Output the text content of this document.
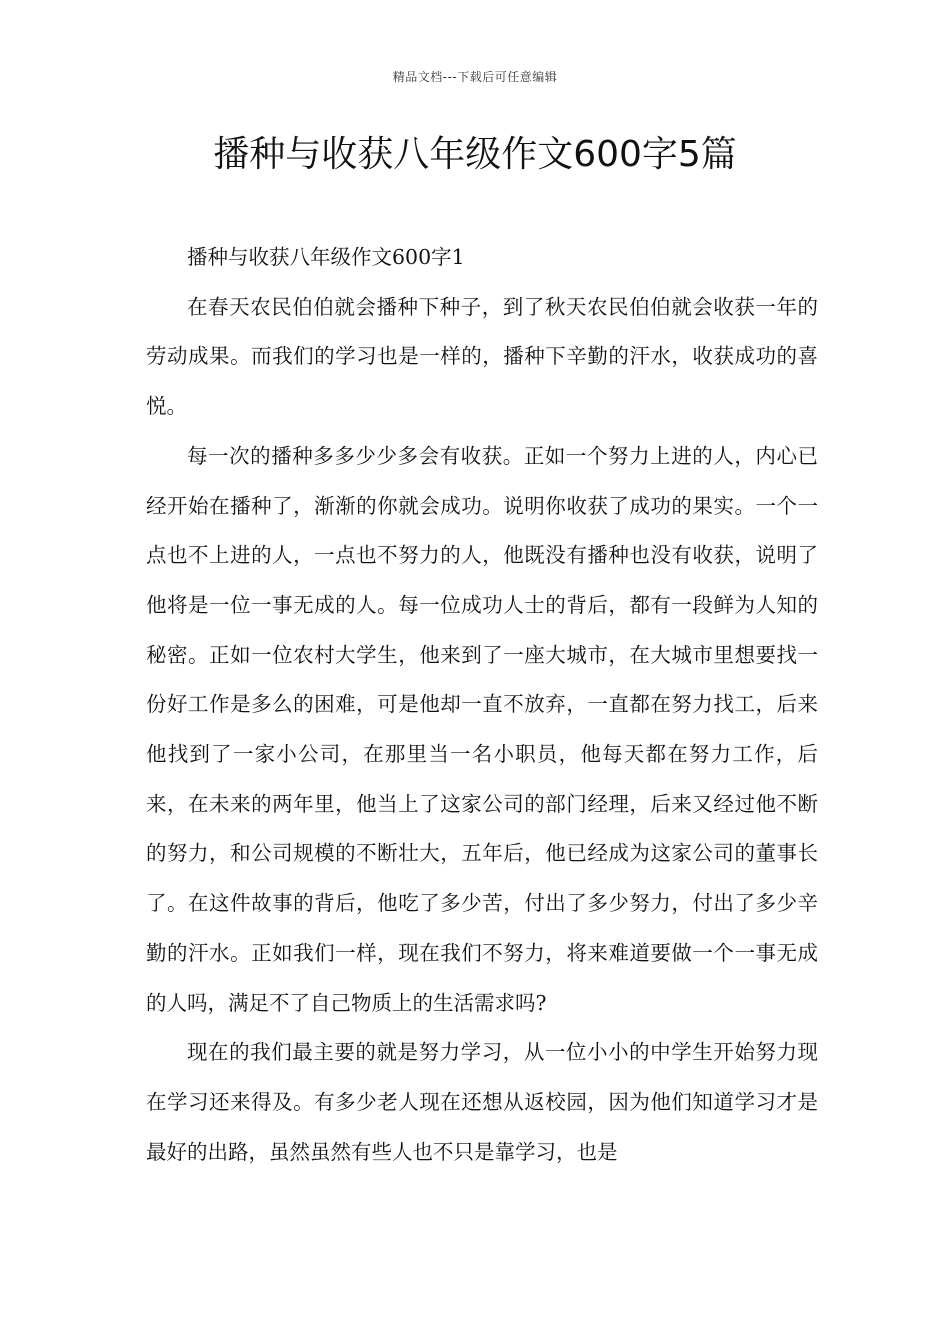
精品文档---下载后可任意编辑
播种与收获八年级作文600字5篇

播种与收获八年级作文600字1

在春天农民伯伯就会播种下种子，到了秋天农民伯伯就会收获一年的劳动成果。而我们的学习也是一样的，播种下辛勤的汗水，收获成功的喜悦。

每一次的播种多多少少多会有收获。正如一个努力上进的人，内心已经开始在播种了，渐渐的你就会成功。说明你收获了成功的果实。一个一点也不上进的人，一点也不努力的人，他既没有播种也没有收获，说明了他将是一位一事无成的人。每一位成功人士的背后，都有一段鲜为人知的秘密。正如一位农村大学生，他来到了一座大城市，在大城市里想要找一份好工作是多么的困难，可是他却一直不放弃，一直都在努力找工，后来他找到了一家小公司，在那里当一名小职员，他每天都在努力工作，后来，在未来的两年里，他当上了这家公司的部门经理，后来又经过他不断的努力，和公司规模的不断壮大，五年后，他已经成为这家公司的董事长了。在这件故事的背后，他吃了多少苦，付出了多少努力，付出了多少辛勤的汗水。正如我们一样，现在我们不努力，将来难道要做一个一事无成的人吗，满足不了自己物质上的生活需求吗?

现在的我们最主要的就是努力学习，从一位小小的中学生开始努力现在学习还来得及。有多少老人现在还想从返校园，因为他们知道学习才是最好的出路，虽然虽然有些人也不只是靠学习，也是
